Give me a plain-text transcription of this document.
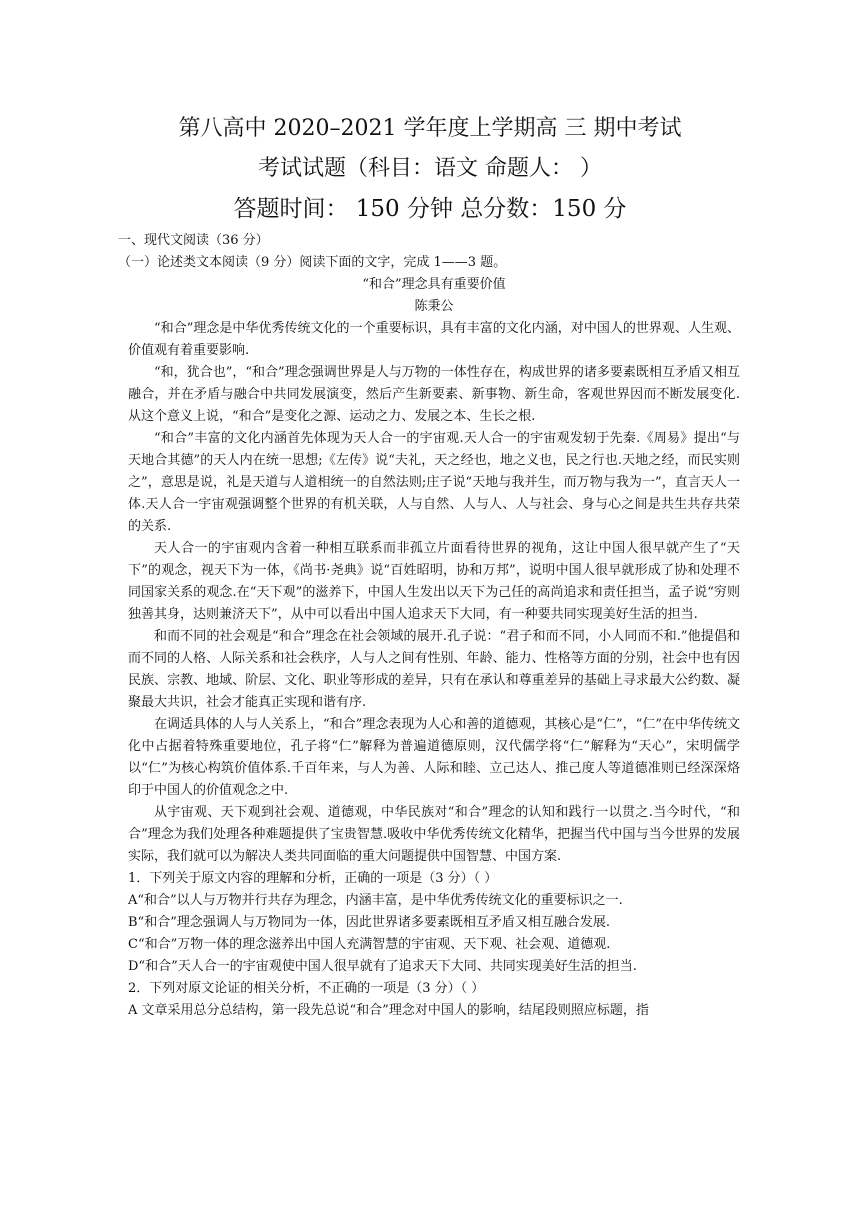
第八高中 2020–2021 学年度上学期高 三 期中考试
考试试题（科目：语文 命题人： ）
答题时间： 150 分钟 总分数：150 分

一、现代文阅读（36 分）

（一）论述类文本阅读（9 分）阅读下面的文字，完成 1——3 题。

“和合”理念具有重要价值

陈秉公

“和合”理念是中华优秀传统文化的一个重要标识，具有丰富的文化内涵，对中国人的世界观、人生观、价值观有着重要影响.

“和，犹合也”，“和合”理念强调世界是人与万物的一体性存在，构成世界的诸多要素既相互矛盾又相互融合，并在矛盾与融合中共同发展演变，然后产生新要素、新事物、新生命，客观世界因而不断发展变化.从这个意义上说，“和合”是变化之源、运动之力、发展之本、生长之根.

“和合”丰富的文化内涵首先体现为天人合一的宇宙观.天人合一的宇宙观发轫于先秦.《周易》提出“与天地合其德”的天人内在统一思想;《左传》说“夫礼，天之经也，地之义也，民之行也.天地之经，而民实则之”，意思是说，礼是天道与人道相统一的自然法则;庄子说“天地与我并生，而万物与我为一”，直言天人一体.天人合一宇宙观强调整个世界的有机关联，人与自然、人与人、人与社会、身与心之间是共生共存共荣的关系.

天人合一的宇宙观内含着一种相互联系而非孤立片面看待世界的视角，这让中国人很早就产生了“天下”的观念，视天下为一体，《尚书·尧典》说“百姓昭明，协和万邦”，说明中国人很早就形成了协和处理不同国家关系的观念.在“天下观”的滋养下，中国人生发出以天下为己任的高尚追求和责任担当，孟子说“穷则独善其身，达则兼济天下”，从中可以看出中国人追求天下大同，有一种要共同实现美好生活的担当.

和而不同的社会观是“和合”理念在社会领域的展开.孔子说：“君子和而不同，小人同而不和.”他提倡和而不同的人格、人际关系和社会秩序，人与人之间有性别、年龄、能力、性格等方面的分别，社会中也有因民族、宗教、地域、阶层、文化、职业等形成的差异，只有在承认和尊重差异的基础上寻求最大公约数、凝聚最大共识，社会才能真正实现和谐有序.

在调适具体的人与人关系上，“和合”理念表现为人心和善的道德观，其核心是“仁”，“仁”在中华传统文化中占据着特殊重要地位，孔子将“仁”解释为普遍道德原则，汉代儒学将“仁”解释为“天心”，宋明儒学以“仁”为核心构筑价值体系.千百年来，与人为善、人际和睦、立己达人、推己度人等道德准则已经深深烙印于中国人的价值观念之中.

从宇宙观、天下观到社会观、道德观，中华民族对“和合”理念的认知和践行一以贯之.当今时代，“和合”理念为我们处理各种难题提供了宝贵智慧.吸收中华优秀传统文化精华，把握当代中国与当今世界的发展实际，我们就可以为解决人类共同面临的重大问题提供中国智慧、中国方案.

1．下列关于原文内容的理解和分析，正确的一项是（3 分）（ ）

A“和合”以人与万物并行共存为理念，内涵丰富，是中华优秀传统文化的重要标识之一.

B“和合”理念强调人与万物同为一体，因此世界诸多要素既相互矛盾又相互融合发展.

C“和合”万物一体的理念滋养出中国人充满智慧的宇宙观、天下观、社会观、道德观.

D“和合”天人合一的宇宙观使中国人很早就有了追求天下大同、共同实现美好生活的担当.

2．下列对原文论证的相关分析，不正确的一项是（3 分）（ ）

A 文章采用总分总结构，第一段先总说“和合”理念对中国人的影响，结尾段则照应标题，指
